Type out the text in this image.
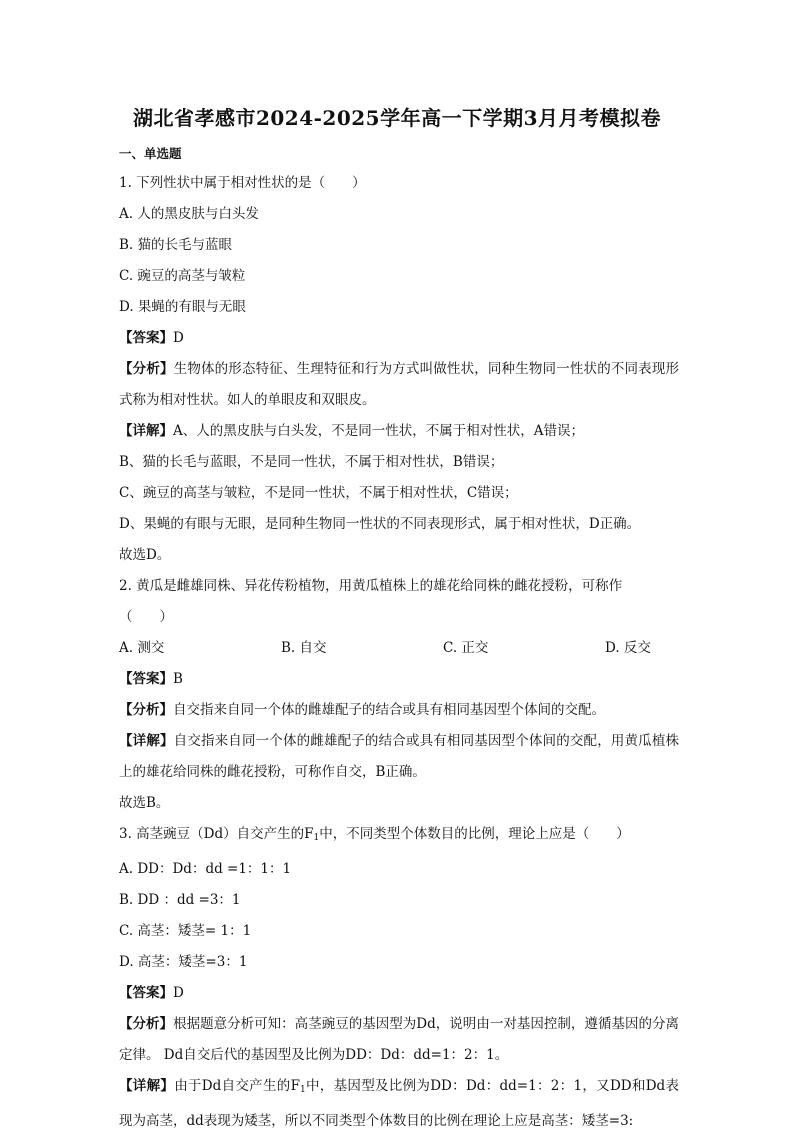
湖北省孝感市2024-2025学年高一下学期3月月考模拟卷
一、单选题
1. 下列性状中属于相对性状的是（　　）
A. 人的黑皮肤与白头发
B. 猫的长毛与蓝眼
C. 豌豆的高茎与皱粒
D. 果蝇的有眼与无眼
【答案】D
【分析】生物体的形态特征、生理特征和行为方式叫做性状，同种生物同一性状的不同表现形式称为相对性状。如人的单眼皮和双眼皮。
【详解】A、人的黑皮肤与白头发，不是同一性状，不属于相对性状，A错误；
B、猫的长毛与蓝眼，不是同一性状，不属于相对性状，B错误；
C、豌豆的高茎与皱粒，不是同一性状，不属于相对性状，C错误；
D、果蝇的有眼与无眼，是同种生物同一性状的不同表现形式，属于相对性状，D正确。
故选D。
2. 黄瓜是雌雄同株、异花传粉植物，用黄瓜植株上的雄花给同株的雌花授粉，可称作
（　　）
A. 测交	B. 自交	C. 正交	D. 反交
【答案】B
【分析】自交指来自同一个体的雌雄配子的结合或具有相同基因型个体间的交配。
【详解】自交指来自同一个体的雌雄配子的结合或具有相同基因型个体间的交配，用黄瓜植株上的雄花给同株的雌花授粉，可称作自交，B正确。
故选B。
3. 高茎豌豆（Dd）自交产生的$F_1$中，不同类型个体数目的比例，理论上应是（　　）
A. DD：Dd：dd =1：1：1
B. DD ：dd =3：1
C. 高茎：矮茎= 1：1
D. 高茎：矮茎=3：1
【答案】D
【分析】根据题意分析可知：高茎豌豆的基因型为Dd，说明由一对基因控制，遵循基因的分离定律。 Dd自交后代的基因型及比例为DD：Dd：dd=1：2：1。
【详解】由于Dd自交产生的$F_1$中，基因型及比例为DD：Dd：dd=1：2：1，又DD和Dd表现为高茎，dd表现为矮茎，所以不同类型个体数目的比例在理论上应是高茎：矮茎=3:
